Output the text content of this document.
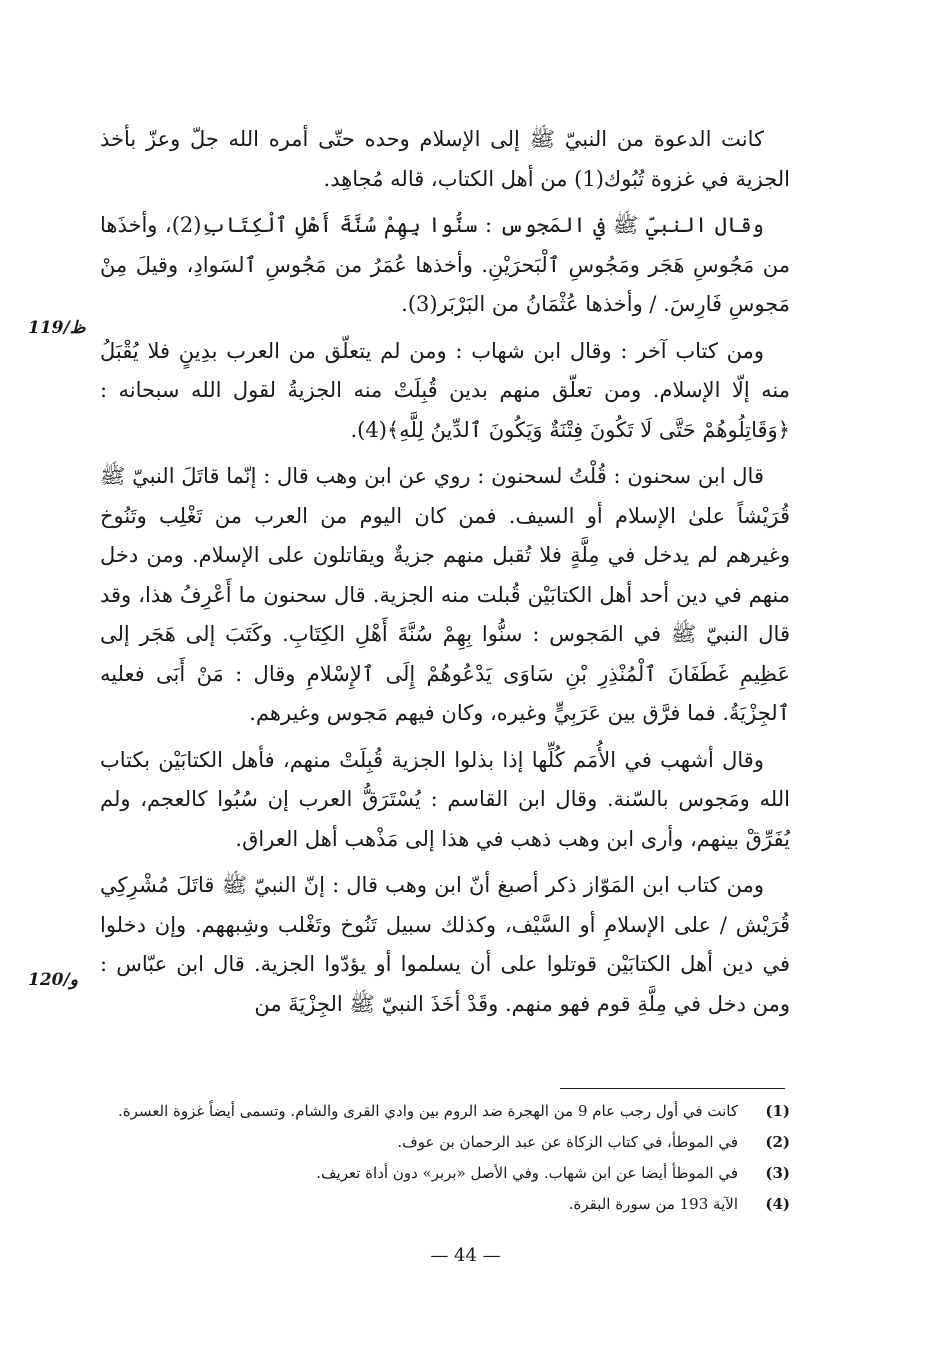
كانت الدعوة من النبيّ ﷺ إلى الإسلام وحده حتّى أمره الله جلّ وعزّ بأخذ الجزية في غزوة تُبُوك(1) من أهل الكتاب، قاله مُجاهِد.

وقال النبيّ ﷺ في المَجوس : سنُّوا بِهِمْ سُنَّةَ أَهْلِ ٱلْكِتَابِ(2)، وأخذَها من مَجُوسِ هَجَر ومَجُوسِ ٱلْبَحرَيْنِ. وأخذها عُمَرُ من مَجُوسِ ٱلسَوادِ، وقيلَ مِنْ مَجوسِ فَارِسَ. / وأخذها عُثْمَانُ من البَرْبَر(3).

ومن كتاب آخر : وقال ابن شهاب : ومن لم يتعلّق من العرب بدِينٍ فلا يُقْبَلُ منه إلّا الإسلام. ومن تعلّق منهم بدين قُبِلَتْ منه الجزيةُ لقول الله سبحانه : ﴿وَقَاتِلُوهُمْ حَتَّى لَا تَكُونَ فِتْنَةٌ وَيَكُونَ ٱلدِّينُ لِلَّهِ﴾(4).

قال ابن سحنون : قُلْتُ لسحنون : روي عن ابن وهب قال : إنّما قاتَلَ النبيّ ﷺ قُرَيْشاً علىٰ الإسلام أو السيف. فمن كان اليوم من العرب من تَغْلِب وتَنُوخ وغيرهم لم يدخل في مِلَّةٍ فلا تُقبل منهم جزيةٌ ويقاتلون على الإسلام. ومن دخل منهم في دين أحد أهل الكتابَيْن قُبلت منه الجزية. قال سحنون ما أَعْرِفُ هذا، وقد قال النبيّ ﷺ في المَجوس : سنُّوا بِهِمْ سُنَّةَ أَهْلِ الكِتَابِ. وكَتَبَ إلى هَجَر إلى عَظِيمِ غَطَفَانَ ٱلْمُنْذِرِ بْنِ سَاوَى يَدْعُوهُمْ إِلَى ٱلإِسْلامِ وقال : مَنْ أَبَى فعليه ٱلجِزْيَةُ. فما فرَّق بين عَرَبِيٍّ وغيره، وكان فيهم مَجوس وغيرهم.

وقال أشهب في الأُمَم كُلِّها إذا بذلوا الجزية قُبِلَتْ منهم، فأهل الكتابَيْن بكتاب الله ومَجوس بالسّنة. وقال ابن القاسم : يُسْتَرَقُّ العرب إن سُبُوا كالعجم، ولم يُفَرِّقْ بينهم، وأرى ابن وهب ذهب في هذا إلى مَذْهب أهل العراق.

ومن كتاب ابن المَوّاز ذكر أصبغ أنّ ابن وهب قال : إنّ النبيّ ﷺ قاتَلَ مُشْرِكِي قُرَيْش / على الإسلامِ أو السَّيْف، وكذلك سبيل تَنُوخ وتَغْلب وشِبههم. وإن دخلوا في دين أهل الكتابَيْن قوتلوا على أن يسلموا أو يؤدّوا الجزية. قال ابن عبّاس : ومن دخل في مِلَّةِ قوم فهو منهم. وقَدْ أخَذَ النبيّ ﷺ الجِزْيَةَ من

119/ظ
120/و
(1)
كانت في أول رجب عام 9 من الهجرة ضد الروم بين وادي القرى والشام. وتسمى أيضاً غزوة العسرة.
(2)
في الموطأ، في كتاب الزكاة عن عبد الرحمان بن عوف.
(3)
في الموطأ أيضا عن ابن شهاب. وفي الأصل «بربر» دون أداة تعريف.
(4)
الآية 193 من سورة البقرة.
— 44 —
